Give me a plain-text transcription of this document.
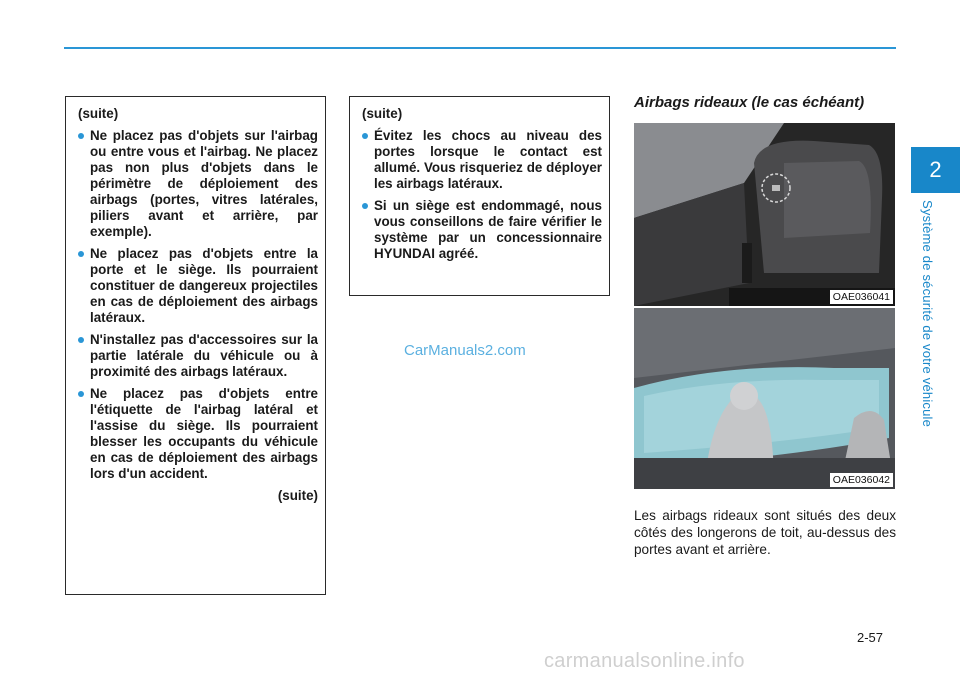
2
Système de sécurité de votre véhicule
(suite)
Ne placez pas d'objets sur l'airbag ou entre vous et l'airbag. Ne placez pas non plus d'objets dans le périmètre de déploiement des airbags (portes, vitres latérales, piliers avant et arrière, par exemple).
Ne placez pas d'objets entre la porte et le siège. Ils pourraient constituer de dangereux projectiles en cas de déploiement des airbags latéraux.
N'installez pas d'accessoires sur la partie latérale du véhicule ou à proximité des airbags latéraux.
Ne placez pas d'objets entre l'étiquette de l'airbag latéral et l'assise du siège. Ils pourraient blesser les occupants du véhicule en cas de déploiement des airbags lors d'un accident.
(suite)
(suite)
Évitez les chocs au niveau des portes lorsque le contact est allumé. Vous risqueriez de déployer les airbags latéraux.
Si un siège est endommagé, nous vous conseillons de faire vérifier le système par un concessionnaire HYUNDAI agréé.
CarManuals2.com
Airbags rideaux (le cas échéant)
OAE036041
OAE036042
Les airbags rideaux sont situés des deux côtés des longerons de toit, au-dessus des portes avant et arrière.
2-57
carmanualsonline.info
